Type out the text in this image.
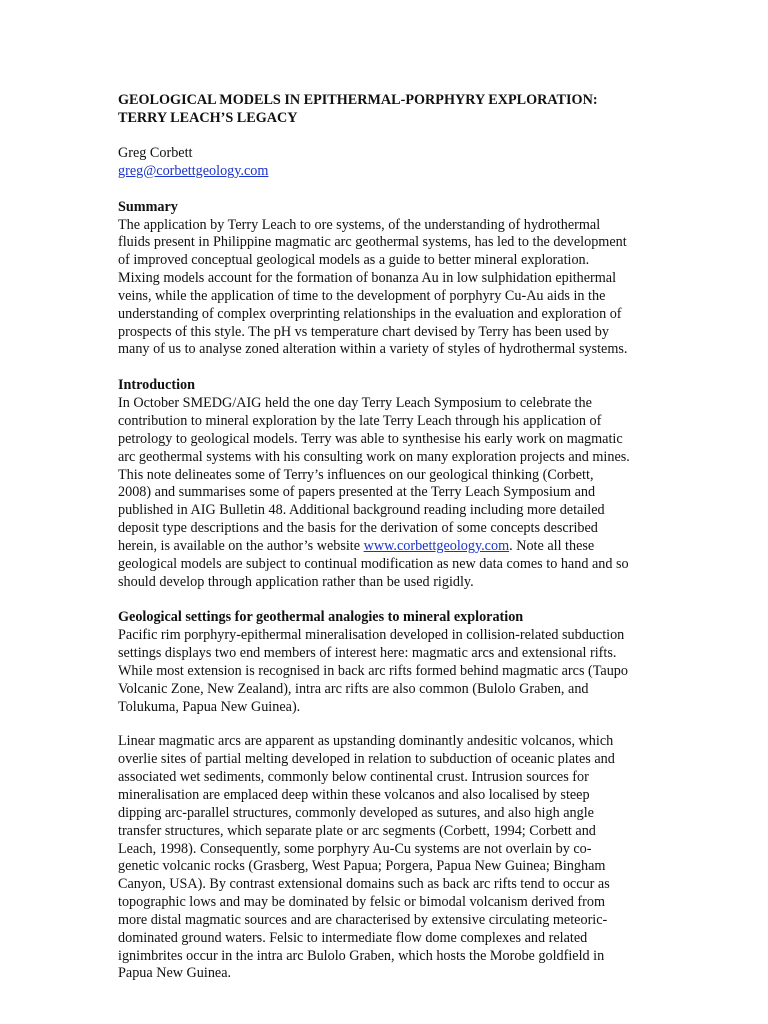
GEOLOGICAL MODELS IN EPITHERMAL-PORPHYRY EXPLORATION:
TERRY LEACH’S LEGACY
Greg Corbett
greg@corbettgeology.com
Summary
The application by Terry Leach to ore systems, of the understanding of hydrothermal
fluids present in Philippine magmatic arc geothermal systems, has led to the development
of improved conceptual geological models as a guide to better mineral exploration.
Mixing models account for the formation of bonanza Au in low sulphidation epithermal
veins, while the application of time to the development of porphyry Cu-Au aids in the
understanding of complex overprinting relationships in the evaluation and exploration of
prospects of this style. The pH vs temperature chart devised by Terry has been used by
many of us to analyse zoned alteration within a variety of styles of hydrothermal systems.
Introduction
In October SMEDG/AIG held the one day Terry Leach Symposium to celebrate the
contribution to mineral exploration by the late Terry Leach through his application of
petrology to geological models. Terry was able to synthesise his early work on magmatic
arc geothermal systems with his consulting work on many exploration projects and mines.
This note delineates some of Terry’s influences on our geological thinking (Corbett,
2008) and summarises some of papers presented at the Terry Leach Symposium and
published in AIG Bulletin 48. Additional background reading including more detailed
deposit type descriptions and the basis for the derivation of some concepts described
herein, is available on the author’s website www.corbettgeology.com. Note all these
geological models are subject to continual modification as new data comes to hand and so
should develop through application rather than be used rigidly.
Geological settings for geothermal analogies to mineral exploration
Pacific rim porphyry-epithermal mineralisation developed in collision-related subduction
settings displays two end members of interest here: magmatic arcs and extensional rifts.
While most extension is recognised in back arc rifts formed behind magmatic arcs (Taupo
Volcanic Zone, New Zealand), intra arc rifts are also common (Bulolo Graben, and
Tolukuma, Papua New Guinea).
Linear magmatic arcs are apparent as upstanding dominantly andesitic volcanos, which
overlie sites of partial melting developed in relation to subduction of oceanic plates and
associated wet sediments, commonly below continental crust. Intrusion sources for
mineralisation are emplaced deep within these volcanos and also localised by steep
dipping arc-parallel structures, commonly developed as sutures, and also high angle
transfer structures, which separate plate or arc segments (Corbett, 1994; Corbett and
Leach, 1998). Consequently, some porphyry Au-Cu systems are not overlain by co-
genetic volcanic rocks (Grasberg, West Papua; Porgera, Papua New Guinea; Bingham
Canyon, USA). By contrast extensional domains such as back arc rifts tend to occur as
topographic lows and may be dominated by felsic or bimodal volcanism derived from
more distal magmatic sources and are characterised by extensive circulating meteoric-
dominated ground waters. Felsic to intermediate flow dome complexes and related
ignimbrites occur in the intra arc Bulolo Graben, which hosts the Morobe goldfield in
Papua New Guinea.
